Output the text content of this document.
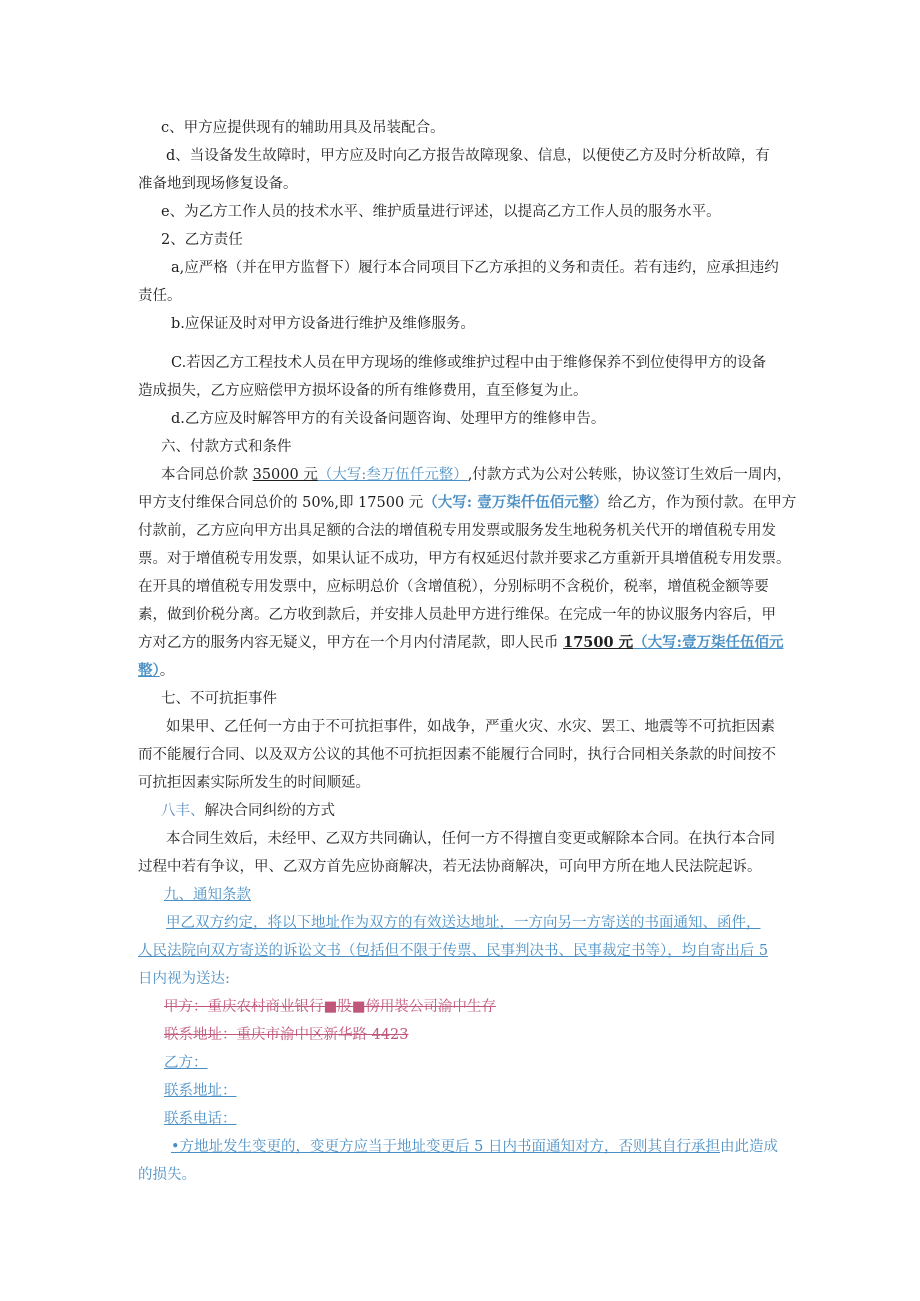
c、甲方应提供现有的辅助用具及吊装配合。
d、当设备发生故障时，甲方应及时向乙方报告故障现象、信息，以便使乙方及时分析故障，有
准备地到现场修复设备。
e、为乙方工作人员的技术水平、维护质量进行评述，以提高乙方工作人员的服务水平。
2、乙方责任
a,应严格（并在甲方监督下）履行本合同项目下乙方承担的义务和责任。若有违约，应承担违约
责任。
b.应保证及时对甲方设备进行维护及维修服务。
C.若因乙方工程技术人员在甲方现场的维修或维护过程中由于维修保养不到位使得甲方的设备
造成损失，乙方应赔偿甲方损坏设备的所有维修费用，直至修复为止。
d.乙方应及时解答甲方的有关设备问题咨询、处理甲方的维修申告。
六、付款方式和条件
本合同总价款 35000 元（大写:叁万伍仟元整）,付款方式为公对公转账，协议签订生效后一周内，
甲方支付维保合同总价的 50%,即 17500 元（大写: 壹万柒仟伍佰元整）给乙方，作为预付款。在甲方
付款前，乙方应向甲方出具足额的合法的增值税专用发票或服务发生地税务机关代开的增值税专用发
票。对于增值税专用发票，如果认证不成功，甲方有权延迟付款并要求乙方重新开具增值税专用发票。
在开具的增值税专用发票中，应标明总价（含增值税），分别标明不含税价，税率，增值税金额等要
素，做到价税分离。乙方收到款后，并安排人员赴甲方进行维保。在完成一年的协议服务内容后，甲
方对乙方的服务内容无疑义，甲方在一个月内付清尾款，即人民币 17500 元（大写:壹万柒任伍佰元
整）。
七、不可抗拒事件
如果甲、乙任何一方由于不可抗拒事件，如战争，严重火灾、水灾、罢工、地震等不可抗拒因素
而不能履行合同、以及双方公议的其他不可抗拒因素不能履行合同时，执行合同相关条款的时间按不
可抗拒因素实际所发生的时间顺延。
八丰、解决合同纠纷的方式
本合同生效后，未经甲、乙双方共同确认，任何一方不得擅自变更或解除本合同。在执行本合同
过程中若有争议，甲、乙双方首先应协商解决，若无法协商解决，可向甲方所在地人民法院起诉。
九、通知条款
甲乙双方约定，将以下地址作为双方的有效送达地址，一方向另一方寄送的书面通知、函件，
人民法院向双方寄送的诉讼文书（包括但不限于传票、民事判决书、民事裁定书等），均自寄出后 5
日内视为送达:
甲方：重庆农村商业银行■股■傍用裝公司渝中生存
联系地址：重庆市渝中区新华路 4423
乙方：
联系地址：
联系电话：
•方地址发生变更的，变更方应当于地址变更后 5 日内书面通知对方，否则其自行承担由此造成
的损失。
